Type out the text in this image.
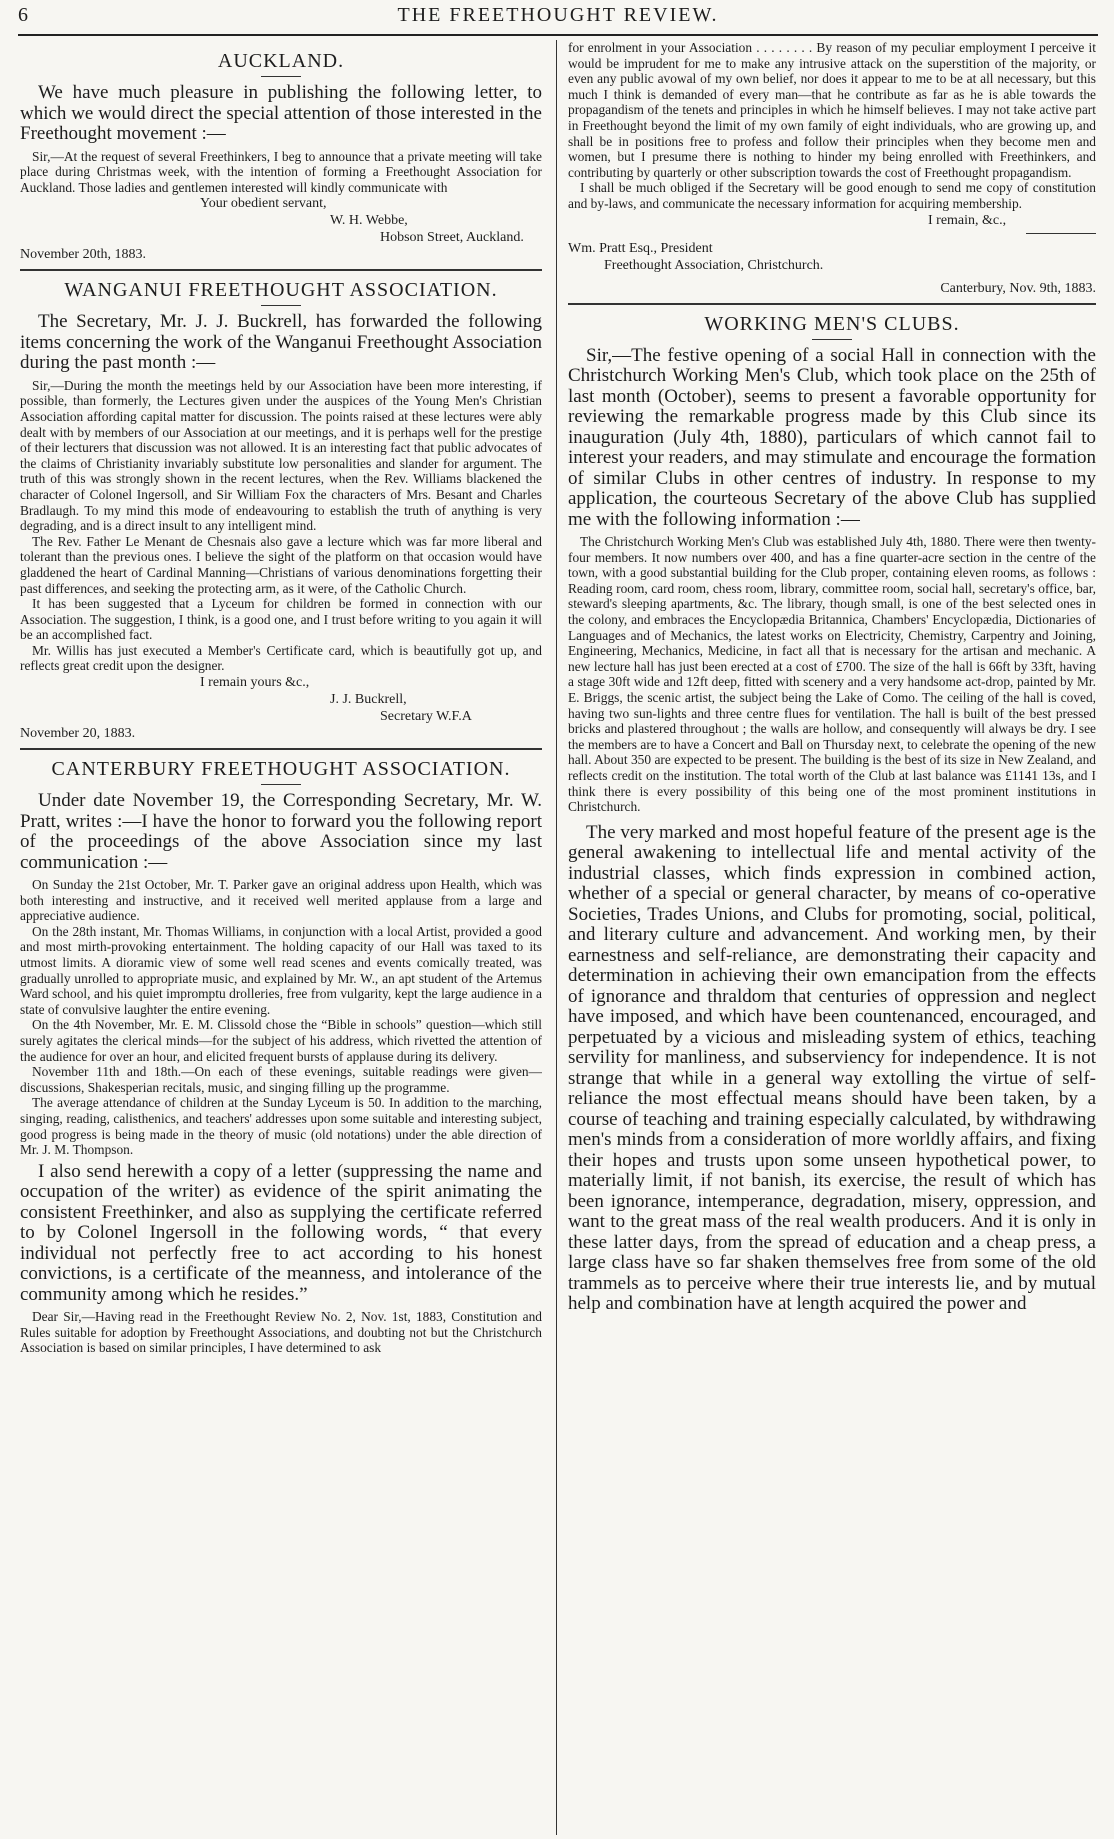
6	THE FREETHOUGHT REVIEW.
AUCKLAND.

We have much pleasure in publishing the following letter, to which we would direct the special attention of those interested in the Freethought movement :—

Sir,—At the request of several Freethinkers, I beg to announce that a private meeting will take place during Christmas week, with the intention of forming a Freethought Association for Auckland. Those ladies and gentlemen interested will kindly communicate with

Your obedient servant,

W. H. Webbe,

Hobson Street, Auckland.

November 20th, 1883.

WANGANUI FREETHOUGHT ASSOCIATION.

The Secretary, Mr. J. J. Buckrell, has forwarded the following items concerning the work of the Wanganui Freethought Association during the past month :—

Sir,—During the month the meetings held by our Association have been more interesting, if possible, than formerly, the Lectures given under the auspices of the Young Men's Christian Association affording capital matter for discussion. The points raised at these lectures were ably dealt with by members of our Association at our meetings, and it is perhaps well for the prestige of their lecturers that discussion was not allowed. It is an interesting fact that public advocates of the claims of Christianity invariably substitute low personalities and slander for argument. The truth of this was strongly shown in the recent lectures, when the Rev. Williams blackened the character of Colonel Ingersoll, and Sir William Fox the characters of Mrs. Besant and Charles Bradlaugh. To my mind this mode of endeavouring to establish the truth of anything is very degrading, and is a direct insult to any intelligent mind.

The Rev. Father Le Menant de Chesnais also gave a lecture which was far more liberal and tolerant than the previous ones. I believe the sight of the platform on that occasion would have gladdened the heart of Cardinal Manning—Christians of various denominations forgetting their past differences, and seeking the protecting arm, as it were, of the Catholic Church.

It has been suggested that a Lyceum for children be formed in connection with our Association. The suggestion, I think, is a good one, and I trust before writing to you again it will be an accomplished fact.

Mr. Willis has just executed a Member's Certificate card, which is beautifully got up, and reflects great credit upon the designer.

I remain yours &c.,

J. J. Buckrell,

Secretary W.F.A

November 20, 1883.

CANTERBURY FREETHOUGHT ASSOCIATION.

Under date November 19, the Corresponding Secretary, Mr. W. Pratt, writes :—I have the honor to forward you the following report of the proceedings of the above Association since my last communication :—

On Sunday the 21st October, Mr. T. Parker gave an original address upon Health, which was both interesting and instructive, and it received well merited applause from a large and appreciative audience.

On the 28th instant, Mr. Thomas Williams, in conjunction with a local Artist, provided a good and most mirth-provoking entertainment. The holding capacity of our Hall was taxed to its utmost limits. A dioramic view of some well read scenes and events comically treated, was gradually unrolled to appropriate music, and explained by Mr. W., an apt student of the Artemus Ward school, and his quiet impromptu drolleries, free from vulgarity, kept the large audience in a state of convulsive laughter the entire evening.

On the 4th November, Mr. E. M. Clissold chose the “Bible in schools” question—which still surely agitates the clerical minds—for the subject of his address, which rivetted the attention of the audience for over an hour, and elicited frequent bursts of applause during its delivery.

November 11th and 18th.—On each of these evenings, suitable readings were given—discussions, Shakesperian recitals, music, and singing filling up the programme.

The average attendance of children at the Sunday Lyceum is 50. In addition to the marching, singing, reading, calisthenics, and teachers' addresses upon some suitable and interesting subject, good progress is being made in the theory of music (old notations) under the able direction of Mr. J. M. Thompson.

I also send herewith a copy of a letter (suppressing the name and occupation of the writer) as evidence of the spirit animating the consistent Freethinker, and also as supplying the certificate referred to by Colonel Ingersoll in the following words, “ that every individual not perfectly free to act according to his honest convictions, is a certificate of the meanness, and intolerance of the community among which he resides.”

Dear Sir,—Having read in the Freethought Review No. 2, Nov. 1st, 1883, Constitution and Rules suitable for adoption by Freethought Associations, and doubting not but the Christchurch Association is based on similar principles, I have determined to ask

for enrolment in your Association . . . . . . . . By reason of my peculiar employment I perceive it would be imprudent for me to make any intrusive attack on the superstition of the majority, or even any public avowal of my own belief, nor does it appear to me to be at all necessary, but this much I think is demanded of every man—that he contribute as far as he is able towards the propagandism of the tenets and principles in which he himself believes. I may not take active part in Freethought beyond the limit of my own family of eight individuals, who are growing up, and shall be in positions free to profess and follow their principles when they become men and women, but I presume there is nothing to hinder my being enrolled with Freethinkers, and contributing by quarterly or other subscription towards the cost of Freethought propagandism.

I shall be much obliged if the Secretary will be good enough to send me copy of constitution and by-laws, and communicate the necessary information for acquiring membership.

I remain, &c.,

Wm. Pratt Esq., President

Freethought Association, Christchurch.

Canterbury, Nov. 9th, 1883.

WORKING MEN'S CLUBS.

Sir,—The festive opening of a social Hall in connection with the Christchurch Working Men's Club, which took place on the 25th of last month (October), seems to present a favorable opportunity for reviewing the remarkable progress made by this Club since its inauguration (July 4th, 1880), particulars of which cannot fail to interest your readers, and may stimulate and encourage the formation of similar Clubs in other centres of industry. In response to my application, the courteous Secretary of the above Club has supplied me with the following information :—

The Christchurch Working Men's Club was established July 4th, 1880. There were then twenty-four members. It now numbers over 400, and has a fine quarter-acre section in the centre of the town, with a good substantial building for the Club proper, containing eleven rooms, as follows : Reading room, card room, chess room, library, committee room, social hall, secretary's office, bar, steward's sleeping apartments, &c. The library, though small, is one of the best selected ones in the colony, and embraces the Encyclopædia Britannica, Chambers' Encyclopædia, Dictionaries of Languages and of Mechanics, the latest works on Electricity, Chemistry, Carpentry and Joining, Engineering, Mechanics, Medicine, in fact all that is necessary for the artisan and mechanic. A new lecture hall has just been erected at a cost of £700. The size of the hall is 66ft by 33ft, having a stage 30ft wide and 12ft deep, fitted with scenery and a very handsome act-drop, painted by Mr. E. Briggs, the scenic artist, the subject being the Lake of Como. The ceiling of the hall is coved, having two sun-lights and three centre flues for ventilation. The hall is built of the best pressed bricks and plastered throughout ; the walls are hollow, and consequently will always be dry. I see the members are to have a Concert and Ball on Thursday next, to celebrate the opening of the new hall. About 350 are expected to be present. The building is the best of its size in New Zealand, and reflects credit on the institution. The total worth of the Club at last balance was £1141 13s, and I think there is every possibility of this being one of the most prominent institutions in Christchurch.

The very marked and most hopeful feature of the present age is the general awakening to intellectual life and mental activity of the industrial classes, which finds expression in combined action, whether of a special or general character, by means of co-operative Societies, Trades Unions, and Clubs for promoting, social, political, and literary culture and advancement. And working men, by their earnestness and self-reliance, are demonstrating their capacity and determination in achieving their own emancipation from the effects of ignorance and thraldom that centuries of oppression and neglect have imposed, and which have been countenanced, encouraged, and perpetuated by a vicious and misleading system of ethics, teaching servility for manliness, and subserviency for independence. It is not strange that while in a general way extolling the virtue of self-reliance the most effectual means should have been taken, by a course of teaching and training especially calculated, by withdrawing men's minds from a consideration of more worldly affairs, and fixing their hopes and trusts upon some unseen hypothetical power, to materially limit, if not banish, its exercise, the result of which has been ignorance, intemperance, degradation, misery, oppression, and want to the great mass of the real wealth producers. And it is only in these latter days, from the spread of education and a cheap press, a large class have so far shaken themselves free from some of the old trammels as to perceive where their true interests lie, and by mutual help and combination have at length acquired the power and
